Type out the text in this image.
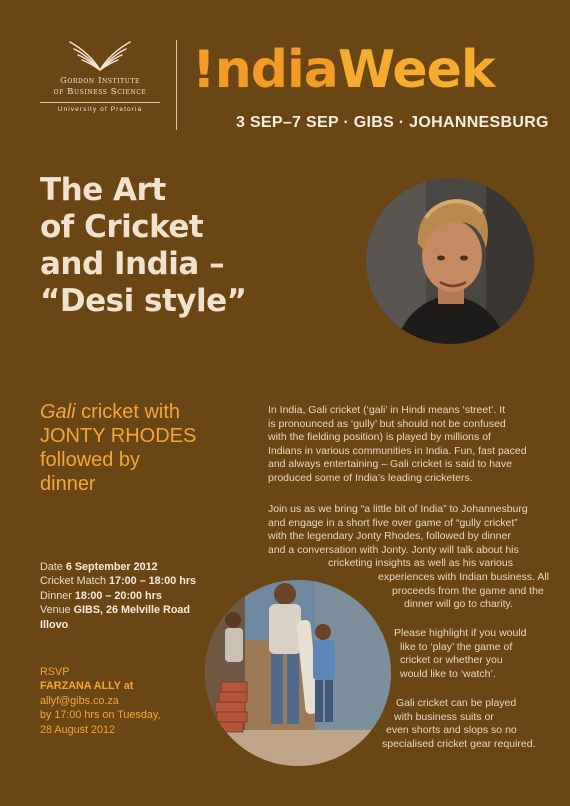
Gordon Institute
of Business Science
University of Pretoria
!ndiaWeek
3 SEP–7 SEP · GIBS · JOHANNESBURG
The Art
of Cricket
and India –
“Desi style”
Gali cricket with
JONTY RHODES
followed by
dinner
In India, Gali cricket (‘gali’ in Hindi means ‘street’. It
is pronounced as ‘gully’ but should not be confused
with the fielding position) is played by millions of
Indians in various communities in India. Fun, fast paced
and always entertaining – Gali cricket is said to have
produced some of India’s leading cricketers.
Join us as we bring “a little bit of India” to Johannesburg
and engage in a short five over game of “gully cricket”
with the legendary Jonty Rhodes, followed by dinner
and a conversation with Jonty. Jonty will talk about his
cricketing insights as well as his various
experiences with Indian business. All
proceeds from the game and the
dinner will go to charity.
Please highlight if you would
like to ‘play’ the game of
cricket or whether you
would like to ‘watch’.
Gali cricket can be played
with business suits or
even shorts and slops so no
specialised cricket gear required.
Date 6 September 2012
Cricket Match 17:00 – 18:00 hrs
Dinner 18:00 – 20:00 hrs
Venue GIBS, 26 Melville Road
Illovo
RSVP
FARZANA ALLY at
allyf@gibs.co.za
by 17:00 hrs on Tuesday,
28 August 2012
